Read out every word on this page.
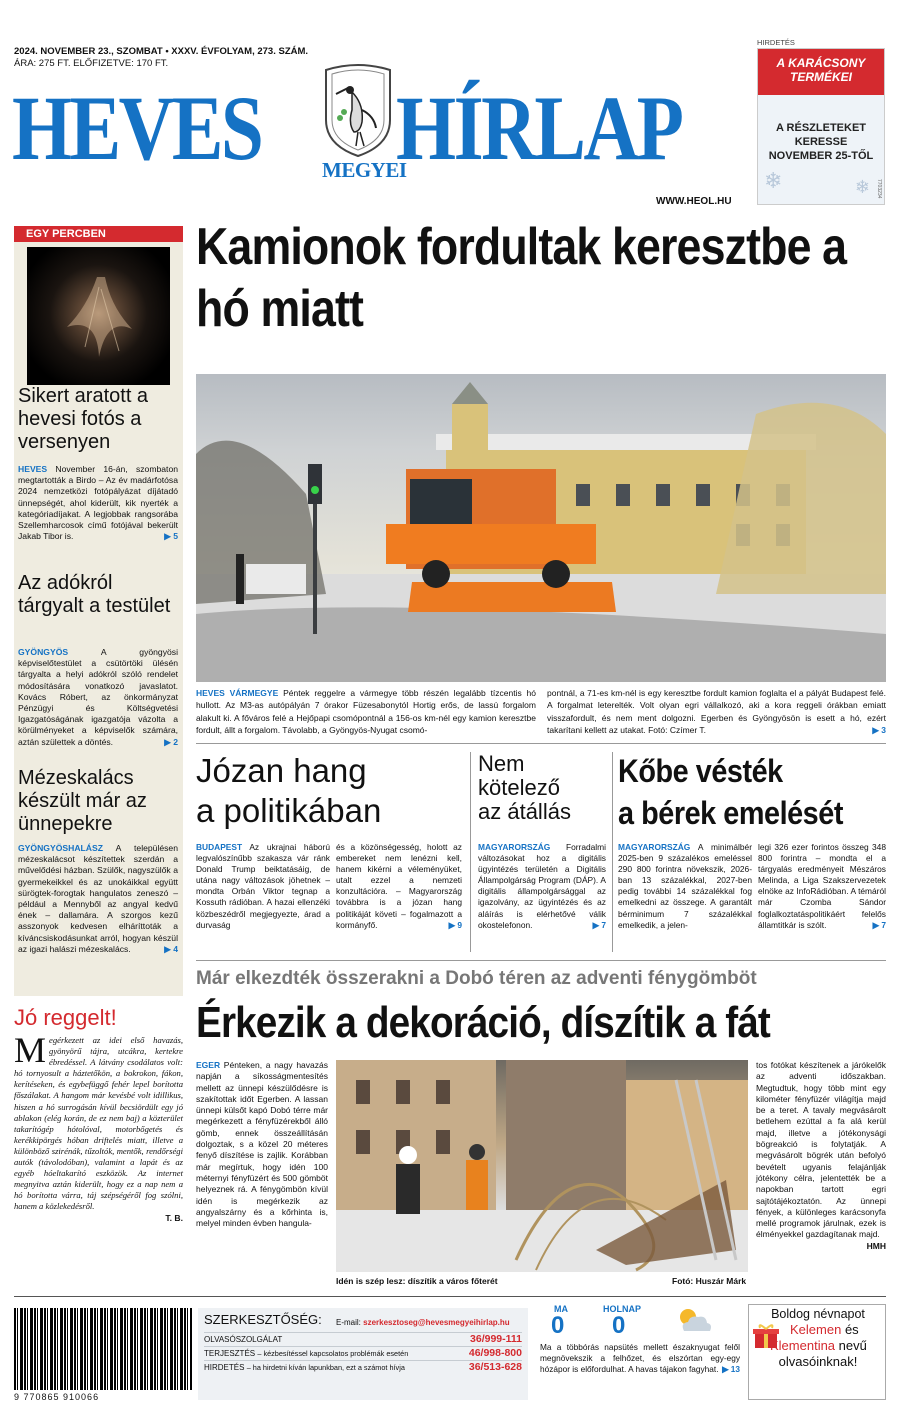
2024. NOVEMBER 23., SZOMBAT • XXXV. ÉVFOLYAM, 273. SZÁM.
ÁRA: 275 FT. ELŐFIZETVE: 170 FT.
HEVES	MEGYEI
HÍRLAP
WWW.HEOL.HU
HIRDETÉS
A KARÁCSONY
TERMÉKEI
A RÉSZLETEKET
KERESSE
NOVEMBER 25-TŐL
7703234
❄	❄
EGY PERCBEN
Sikert aratott a hevesi fotós a versenyen
HEVES November 16-án, szombaton megtartották a Birdo – Az év madárfotósa 2024 nemzetközi fotópályázat díjátadó ünnepségét, ahol kiderült, kik nyerték a kategóriadíjakat. A legjobbak rangsorába Szellemharcosok című fotójával bekerült Jakab Tibor is.	▶ 5
Az adókról tárgyalt a testület
GYÖNGYÖS	A gyöngyösi képviselőtestület a csütörtöki ülésén tárgyalta a helyi adókról szóló rendelet módosítására vonatkozó javaslatot. Kovács Róbert, az önkormányzat Pénzügyi és Költségvetési Igazgatóságának igazgatója vázolta a körülményeket a képviselők számára, aztán születtek a döntés.	▶ 2
Mézeskalács készült már az ünnepekre
GYÖNGYÖSHALÁSZ A településen mézeskalácsot készítettek szerdán a művelődési házban. Szülők, nagyszülők a gyermekeikkel és az unokáikkal együtt sürögtek-forogtak hangulatos zeneszó – például a Mennyből az angyal kedvű ének – dallamára. A szorgos kezű asszonyok kedvesen elháríttoták a kíváncsiskodásunkat arról, hogyan készül az igazi halászi mézeskalács.	▶ 4
Kamionok fordultak keresztbe a hó miatt
HEVES VÁRMEGYE Péntek reggelre a vármegye több részén legalább tízcentis hó hullott. Az M3-as autópályán 7 órakor Füzesabonytól Hortig erős, de lassú forgalom alakult ki. A főváros felé a Hejőpapi csomópontnál a 156-os km-nél egy kamion keresztbe fordult, állt a forgalom. Távolabb, a Gyöngyös-Nyugat csomó-
pontnál, a 71-es km-nél is egy keresztbe fordult kamion foglalta el a pályát Budapest felé. A forgalmat leterelték. Volt olyan egri vállalkozó, aki a kora reggeli órákban emiatt visszafordult, és nem ment dolgozni. Egerben és Gyöngyösön is esett a hó, ezért takarítani kellett az utakat. Fotó: Czímer T.	▶ 3
Józan hang
a politikában
BUDAPEST Az ukrajnai háború legvalószínűbb szakasza vár ránk Donald Trump beiktatásáig, de utána nagy változások jöhetnek – mondta Orbán Viktor tegnap a Kossuth rádióban. A hazai ellenzéki közbeszédről megjegyezte, árad a durvaság
és a közönségesség, holott az embereket nem lenézni kell, hanem kikérni a véleményüket, utalt ezzel a nemzeti konzultációra. – Magyarország továbbra is a józan hang politikáját követi – fogalmazott a kormányfő.	▶ 9
Nem
kötelező
az átállás
MAGYARORSZÁG Forradalmi változásokat hoz a digitális ügyintézés területén a Digitális Állampolgárság Program (DÁP). A digitális állampolgársággal az igazolvány, az ügyintézés és az aláírás is elérhetővé válik okostelefonon.	▶ 7
Kőbe vésték
a bérek emelését
MAGYARORSZÁG A minimálbér 2025-ben 9 százalékos emeléssel 290 800 forintra növekszik, 2026-ban 13 százalékkal, 2027-ben pedig további 14 százalékkal fog emelkedni az összege. A garantált bérminimum 7 százalékkal emelkedik, a jelen-
legi 326 ezer forintos összeg 348 800 forintra – mondta el a tárgyalás eredményeit Mészáros Melinda, a Liga Szakszervezetek elnöke az InfoRádióban. A témáról már Czomba Sándor foglalkoztatáspolitikáért felelős államtitkár is szólt.	▶ 7
Már elkezdték összerakni a Dobó téren az adventi fénygömböt
Érkezik a dekoráció, díszítik a fát
EGER Pénteken, a nagy havazás napján a síkosságmentesítés mellett az ünnepi készülődésre is szakítottak időt Egerben. A lassan ünnepi külsőt kapó Dobó térre már megérkezett a fényfüzérekből álló gömb, ennek összeállításán dolgoztak, s a közel 20 méteres fenyő díszítése is zajlik. Korábban már megírtuk, hogy idén 100 méternyi fényfüzért és 500 gömböt helyeznek rá. A fénygömbön kívül idén is megérkezik az angyalszárny és a kőrhinta is, melyel minden évben hangula-
Idén is szép lesz: díszítik a város főterét	Fotó: Huszár Márk
tos fotókat készítenek a járókelők az adventi időszakban. Megtudtuk, hogy több mint egy kilométer fényfüzér világítja majd be a teret. A tavaly megvásárolt betlehem ezúttal a fa alá kerül majd, illetve a jótékonysági bögreakció is folytatják. A megvásárolt bögrék után befolyó bevételt ugyanis felajánlják jótékony célra, jelentették be a napokban tartott egri sajtótájékoztatón. Az ünnepi fények, a különleges karácsonyfa mellé programok járulnak, ezek is élményekkel gazdagítanak majd.
HMH
Jó reggelt!
Megérkezett az idei első havazás, gyönyörű tájra, utcákra, kertekre ébredéssel. A látvány csodálatos volt: hó tornyosult a háztetőkön, a bokrokon, fákon, kerítéseken, és egybefüggő fehér lepel borította főszálakat. A hangom már kevésbé volt idillikus, hiszen a hó surrogásán kívül becsiördült egy jó ablakon (elég korán, de ez nem baj) a közterület takarítógép hótolóval, motorbőgetés és kerékkipörgés hóban driftelés miatt, illetve a különböző szirénák, tűzoltók, mentők, rendőrségi autók (távolodóban), valamint a lapát és az egyéb hóeltakarító eszközök. Az internet megnyitva aztán kiderült, hogy ez a nap nem a hó borította várra, táj szépségéről fog szólni, hanem a közlekedésről.
T. B.
9 770865 910066
SZERKESZTŐSÉG: E-mail: szerkesztoseg@hevesmegyeihirlap.hu
OLVASÓSZOLGÁLAT	36/999-111
TERJESZTÉS – kézbesítéssel kapcsolatos problémák esetén	46/998-800
HIRDETÉS – ha hirdetni kíván lapunkban, ezt a számot hívja	36/513-628
MA
0
HOLNAP
0
Ma a többórás napsütés mellett északnyugat felől megnövekszik a felhőzet, és elszórtan egy-egy hózápor is előfordulhat. A havas tájakon fagyhat. ▶ 13
Boldog névnapot
Kelemen és
Klementina nevű
olvasóinknak!
